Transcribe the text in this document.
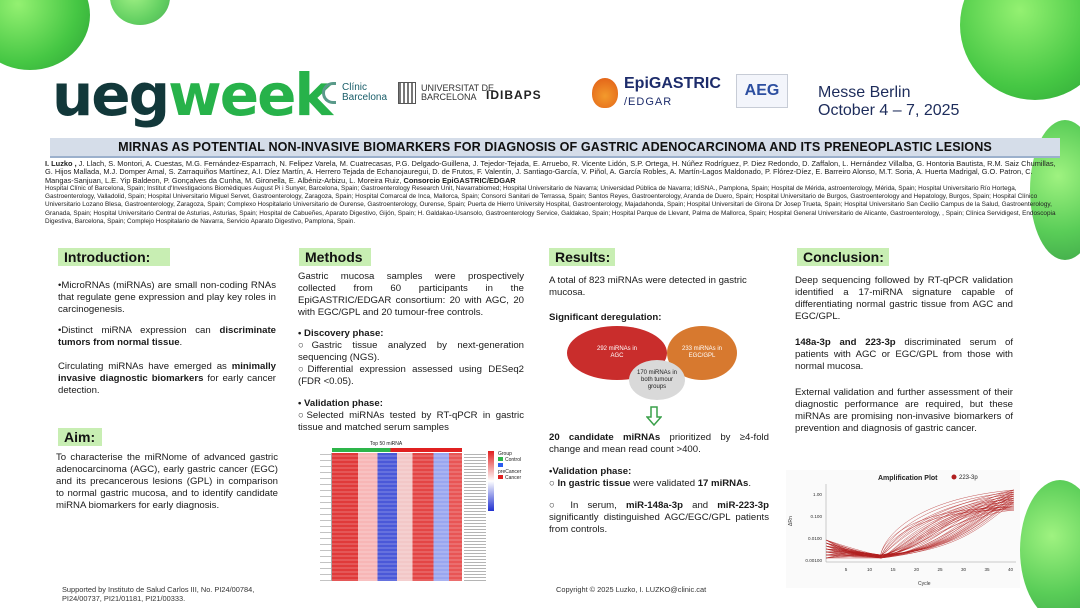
uegweek Clínic
Barcelona
UNIVERSITAT DE
BARCELONA IDIBAPS
EpiGASTRIC
/EDGAR
AEG Messe Berlin
October 4 – 7, 2025
MIRNAS AS POTENTIAL NON-INVASIVE BIOMARKERS FOR DIAGNOSIS OF GASTRIC ADENOCARCINOMA AND ITS PRENEOPLASTIC LESIONS
I. Luzko , J. Llach, S. Montori, A. Cuestas, M.G. Fernández-Esparrach, N. Felipez Varela, M. Cuatrecasas, P.G. Delgado-Guillena, J. Tejedor-Tejada, E. Arruebo, R. Vicente Lidón, S.P. Ortega, H. Núñez Rodríguez, P. Diez Redondo, D. Zaffalon, L. Hernández Villalba, G. Hontoria Bautista, R.M. Saiz Chumillas, G. Hijos Mallada, M.J. Domper Arnal, S. Zarraquiños Martínez, A.I. Díez Martín, A. Herrero Tejada de Echanojauregui, D. de Frutos, F. Valentín, J. Santiago-García, V. Piñol, A. García Robles, A. Martín-Lagos Maldonado, P. Flórez-Díez, E. Barreiro Alonso, M.T. Soria, A. Huerta Madrigal, G.O. Patron, C. Mangas-Sanjuan, L.E. Yip Baldeon, P. Gonçalves da Cunha, M. Gironella, E. Albéniz-Arbizu, L. Moreira Ruiz, Consorcio EpiGASTRIC/EDGAR
Hospital Clínic of Barcelona, Spain; Institut d'Investigacions Biomèdiques August Pi i Sunyer, Barcelona, Spain; Gastroenterology Research Unit, Navarrabiomed; Hospital Universitario de Navarra; Universidad Pública de Navarra; IdiSNA., Pamplona, Spain; Hospital de Mérida, astroenterology, Mérida, Spain; Hospital Universitario Río Hortega, Gastroenterology, Valladolid, Spain; Hospital Universitario Miguel Servet, Gastroenterology, Zaragoza, Spain; Hospital Comarcal de Inca, Mallorca, Spain; Consorci Sanitari de Terrassa, Spain; Santos Reyes, Gastroenterology, Aranda de Duero, Spain; Hospital Universitario de Burgos, Gastroenterology and Hepatology, Burgos, Spain; Hospital Clínico Universitario Lozano Blesa, Gastroenterology, Zaragoza, Spain; Complexo Hospitalario Universitario de Ourense, Gastroenterology, Ourense, Spain; Puerta de Hierro University Hospital, Gastroenterology, Majadahonda, Spain; Hospital Universitari de Girona Dr Josep Trueta, Spain; Hospital Universitario San Cecilio Campus de la Salud, Gastroenterology, Granada, Spain; Hospital Universitario Central de Asturias, Asturias, Spain; Hospital de Cabueñes, Aparato Digestivo, Gijón, Spain; H. Galdakao-Usansolo, Gastroenterology Service, Galdakao, Spain; Hospital Parque de Llevant, Palma de Mallorca, Spain; Hospital General Universitario de Alicante, Gastroenterology, , Spain; Clínica Servidigest, Endoscopia Digestiva, Barcelona, Spain; Complejo Hospitalario de Navarra, Servicio Aparato Digestivo, Pamplona, Spain.
Introduction:

•MicroRNAs (miRNAs) are small non-coding RNAs that regulate gene expression and play key roles in carcinogenesis.

•Distinct miRNA expression can discriminate tumors from normal tissue.

Circulating miRNAs have emerged as minimally invasive diagnostic biomarkers for early cancer detection.

Aim:
To characterise the miRNome of advanced gastric adenocarcinoma (AGC), early gastric cancer (EGC) and its precancerous lesions (GPL) in comparison to normal gastric mucosa, and to identify candidate miRNA biomarkers for early diagnosis.
Methods

Gastric mucosa samples were prospectively collected from 60 participants in the EpiGASTRIC/EDGAR consortium: 20 with AGC, 20 with EGC/GPL and 20 tumour-free controls.

• Discovery phase:
○Gastric tissue analyzed by next-generation sequencing (NGS).
○Differential expression assessed using DESeq2 (FDR <0.05).
• Validation phase:
○Selected miRNAs tested by RT-qPCR in gastric tissue and matched serum samples
Top 50 miRNA
Group
Control
preCancer
Cancer
Results:
A total of 823 miRNAs were detected in gastric mucosa.
Significant deregulation:
292 miRNAs in AGC
233 miRNAs in EGC/GPL
170 miRNAs in both tumour groups

20 candidate miRNAs prioritized by ≥4-fold change and mean read count >400.

•Validation phase:
○ In gastric tissue were validated 17 miRNAs.
○ In serum, miR-148a-3p and miR-223-3p significantly distinguished AGC/EGC/GPL patients from controls.
Conclusion:

Deep sequencing followed by RT-qPCR validation identified a 17-miRNA signature capable of differentiating normal gastric tissue from AGC and EGC/GPL.

148a-3p and 223-3p discriminated serum of patients with AGC or EGC/GPL from those with normal mucosa.

External validation and further assessment of their diagnostic performance are required, but these miRNAs are promising non-invasive biomarkers of prevention and diagnosis of gastric cancer.

Amplification Plot	223-3p
ΔRn
1.00
0.100
0.0100
0.00100
5	10	15	20	25	30	35	40
Cycle
Supported by Instituto de Salud Carlos III, No. PI24/00784, PI24/00737, PI21/01181, PI21/00333.
Copyright © 2025 Luzko, I. LUZKO@clinic.cat
